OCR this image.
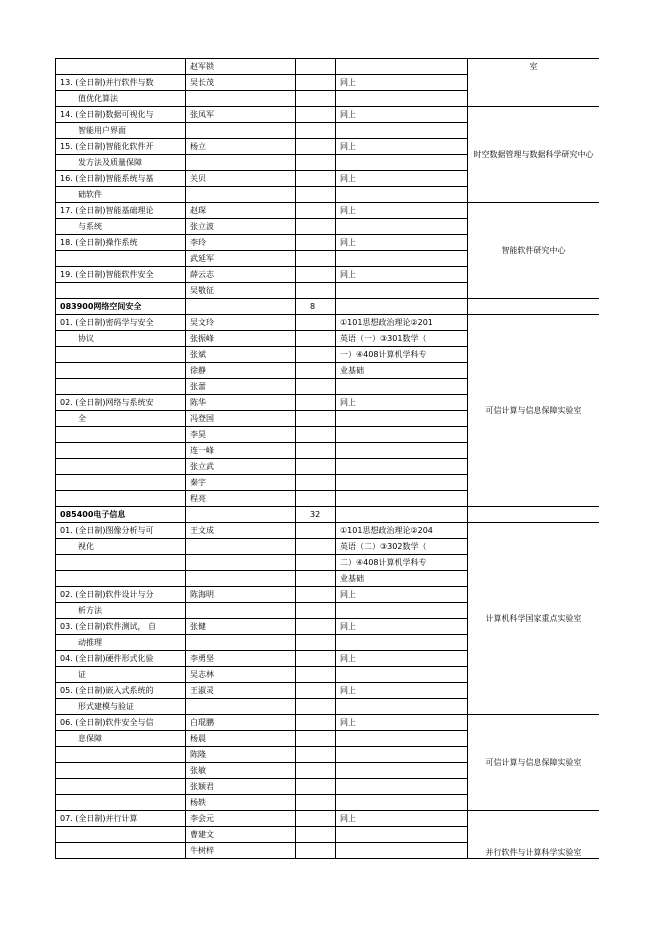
	赵军锁			室
13. (全日制)并行软件与数	吴长茂		同上	
值优化算法				
14. (全日制)数据可视化与	张凤军		同上	时空数据管理与数据科学研究中心
智能用户界面				
15. (全日制)智能化软件开	杨立		同上	
发方法及质量保障				
16. (全日制)智能系统与基	关贝		同上	
础软件				
17. (全日制)智能基础理论	赵琛		同上	智能软件研究中心
与系统	张立波			
18. (全日制)操作系统	李玲		同上	
	武延军			
19. (全日制)智能软件安全	薛云志		同上	
	吴敬征			
083900网络空间安全		8		
01. (全日制)密码学与安全	吴文玲		①101思想政治理论②201	可信计算与信息保障实验室
协议	张振峰		英语（一）③301数学（	
	张斌		一）④408计算机学科专	
	徐静		业基础	
	张蕾			
02. (全日制)网络与系统安	陈华		同上	
全	冯登国			
	李昊			
	连一峰			
	张立武			
	秦宇			
	程亮			
085400电子信息		32		
01. (全日制)图像分析与可	王文成		①101思想政治理论②204	计算机科学国家重点实验室
视化			英语（二）③302数学（	
			二）④408计算机学科专	
			业基础	
02. (全日制)软件设计与分	陈海明		同上	
析方法				
03. (全日制)软件测试， 自	张健		同上	
动推理				
04. (全日制)硬件形式化验	李勇坚		同上	
证	吴志林			
05. (全日制)嵌入式系统的	王淑灵		同上	
形式建模与验证				
06. (全日制)软件安全与信	白琨鹏		同上	可信计算与信息保障实验室
息保障	杨晨			
	陈隆			
	张敏			
	张颖君			
	杨轶			
07. (全日制)并行计算	李会元		同上	并行软件与计算科学实验室
	曹建文			
	牛树梓			
